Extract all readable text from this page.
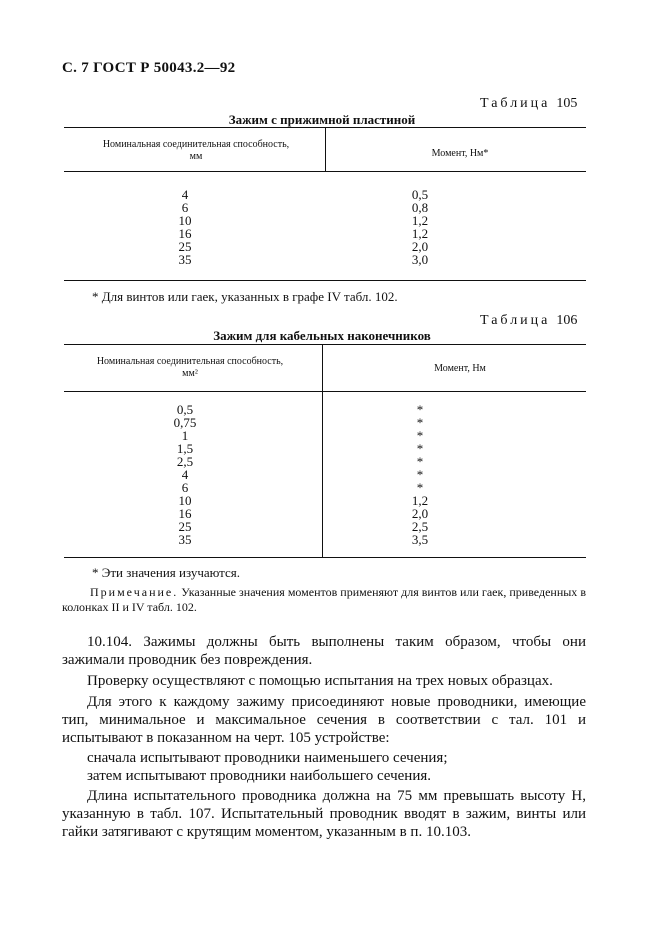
С. 7 ГОСТ Р 50043.2—92
Таблица 105
Зажим с прижимной пластиной
Номинальная соединительная способность, мм	Момент, Нм*
4
6
10
16
25
35
0,5
0,8
1,2
1,2
2,0
3,0
* Для винтов или гаек, указанных в графе IV табл. 102.
Таблица 106
Зажим для кабельных наконечников
Номинальная соединительная способность, мм²	Момент, Нм
0,5
0,75
1
1,5
2,5
4
6
10
16
25
35
*
*
*
*
*
*
*
1,2
2,0
2,5
3,5
* Эти значения изучаются.
Примечание. Указанные значения моментов применяют для винтов или гаек, приведенных в колонках II и IV табл. 102.

10.104. Зажимы должны быть выполнены таким образом, чтобы они зажимали проводник без повреждения.

Проверку осуществляют с помощью испытания на трех новых образцах.

Для этого к каждому зажиму присоединяют новые проводники, имеющие тип, минимальное и максимальное сечения в соответствии с тал. 101 и испытывают в показанном на черт. 105 устройстве:

сначала испытывают проводники наименьшего сечения;

затем испытывают проводники наибольшего сечения.

Длина испытательного проводника должна на 75 мм превышать высоту H, указанную в табл. 107. Испытательный проводник вводят в зажим, винты или гайки затягивают с крутящим моментом, указанным в п. 10.103.
